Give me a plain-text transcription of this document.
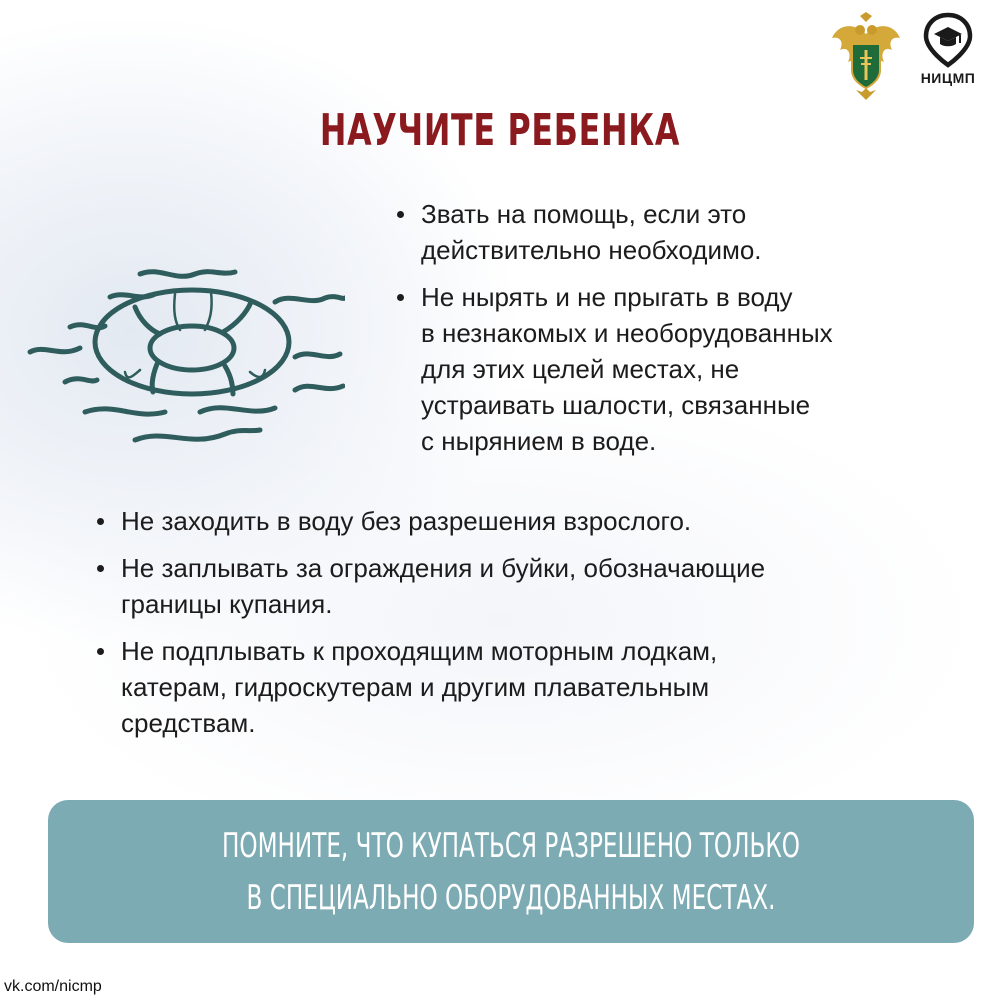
НИЦМП
НАУЧИТЕ РЕБЕНКА
Звать на помощь, если это
действительно необходимо.
Не нырять и не прыгать в воду
в незнакомых и необорудованных
для этих целей местах, не
устраивать шалости, связанные
с нырянием в воде.
Не заходить в воду без разрешения взрослого.
Не заплывать за ограждения и буйки, обозначающие
границы купания.
Не подплывать к проходящим моторным лодкам,
катерам, гидроскутерам и другим плавательным
средствам.
ПОМНИТЕ, ЧТО КУПАТЬСЯ РАЗРЕШЕНО ТОЛЬКО
В СПЕЦИАЛЬНО ОБОРУДОВАННЫХ МЕСТАХ.
vk.com/nicmp
